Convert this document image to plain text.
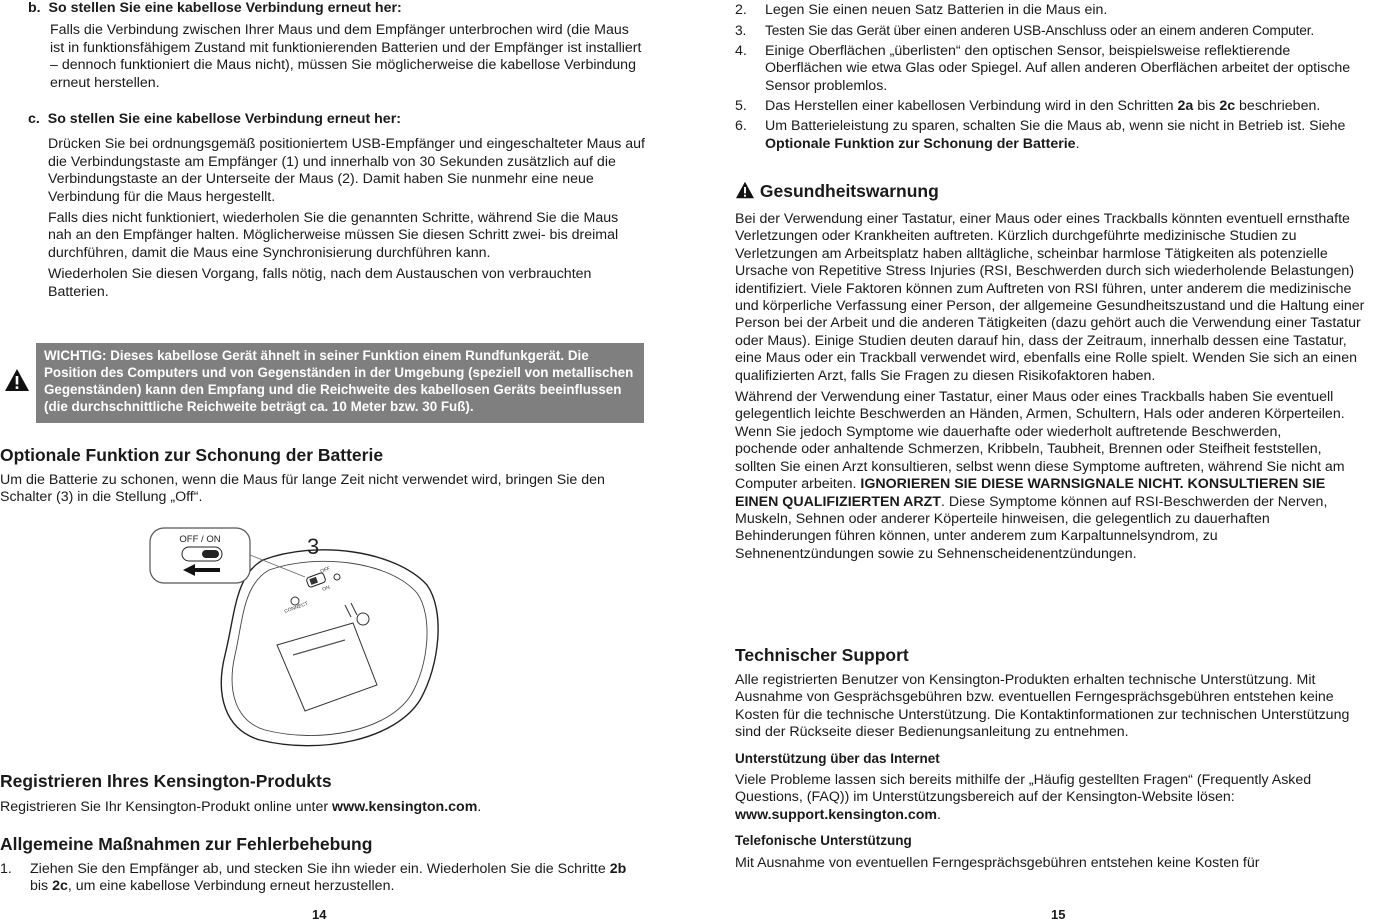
b. So stellen Sie eine kabellose Verbindung erneut her:

Falls die Verbindung zwischen Ihrer Maus und dem Empfänger unterbrochen wird (die Maus ist in funktionsfähigem Zustand mit funktionierenden Batterien und der Empfänger ist installiert – dennoch funktioniert die Maus nicht), müssen Sie möglicherweise die kabellose Verbindung erneut herstellen.

c. So stellen Sie eine kabellose Verbindung erneut her:

Drücken Sie bei ordnungsgemäß positioniertem USB-Empfänger und eingeschalteter Maus auf die Verbindungstaste am Empfänger (1) und innerhalb von 30 Sekunden zusätzlich auf die Verbindungstaste an der Unterseite der Maus (2). Damit haben Sie nunmehr eine neue Verbindung für die Maus hergestellt.

Falls dies nicht funktioniert, wiederholen Sie die genannten Schritte, während Sie die Maus nah an den Empfänger halten. Möglicherweise müssen Sie diesen Schritt zwei- bis dreimal durchführen, damit die Maus eine Synchronisierung durchführen kann.

Wiederholen Sie diesen Vorgang, falls nötig, nach dem Austauschen von verbrauchten Batterien.

WICHTIG: Dieses kabellose Gerät ähnelt in seiner Funktion einem Rundfunkgerät. Die Position des Computers und von Gegenständen in der Umgebung (speziell von metallischen Gegenständen) kann den Empfang und die Reichweite des kabellosen Geräts beeinflussen (die durchschnittliche Reichweite beträgt ca. 10 Meter bzw. 30 Fuß).

Optionale Funktion zur Schonung der Batterie

Um die Batterie zu schonen, wenn die Maus für lange Zeit nicht verwendet wird, bringen Sie den Schalter (3) in die Stellung „Off“.

OFF
ON
CONNECT
OFF / ON	3

Registrieren Ihres Kensington-Produkts

Registrieren Sie Ihr Kensington-Produkt online unter www.kensington.com.

Allgemeine Maßnahmen zur Fehlerbehebung

1. Ziehen Sie den Empfänger ab, und stecken Sie ihn wieder ein. Wiederholen Sie die Schritte 2b bis 2c, um eine kabellose Verbindung erneut herzustellen.
14
2. Legen Sie einen neuen Satz Batterien in die Maus ein.
3. Testen Sie das Gerät über einen anderen USB-Anschluss oder an einem anderen Computer.
4. Einige Oberflächen „überlisten“ den optischen Sensor, beispielsweise reflektierende Oberflächen wie etwa Glas oder Spiegel. Auf allen anderen Oberflächen arbeitet der optische Sensor problemlos.
5. Das Herstellen einer kabellosen Verbindung wird in den Schritten 2a bis 2c beschrieben.
6. Um Batterieleistung zu sparen, schalten Sie die Maus ab, wenn sie nicht in Betrieb ist. Siehe Optionale Funktion zur Schonung der Batterie.

Gesundheitswarnung

Bei der Verwendung einer Tastatur, einer Maus oder eines Trackballs könnten eventuell ernsthafte Verletzungen oder Krankheiten auftreten. Kürzlich durchgeführte medizinische Studien zu Verletzungen am Arbeitsplatz haben alltägliche, scheinbar harmlose Tätigkeiten als potenzielle Ursache von Repetitive Stress Injuries (RSI, Beschwerden durch sich wiederholende Belastungen) identifiziert. Viele Faktoren können zum Auftreten von RSI führen, unter anderem die medizinische und körperliche Verfassung einer Person, der allgemeine Gesundheitszustand und die Haltung einer Person bei der Arbeit und die anderen Tätigkeiten (dazu gehört auch die Verwendung einer Tastatur oder Maus). Einige Studien deuten darauf hin, dass der Zeitraum, innerhalb dessen eine Tastatur, eine Maus oder ein Trackball verwendet wird, ebenfalls eine Rolle spielt. Wenden Sie sich an einen qualifizierten Arzt, falls Sie Fragen zu diesen Risikofaktoren haben.

Während der Verwendung einer Tastatur, einer Maus oder eines Trackballs haben Sie eventuell gelegentlich leichte Beschwerden an Händen, Armen, Schultern, Hals oder anderen Körperteilen. Wenn Sie jedoch Symptome wie dauerhafte oder wiederholt auftretende Beschwerden, pochende oder anhaltende Schmerzen, Kribbeln, Taubheit, Brennen oder Steifheit feststellen, sollten Sie einen Arzt konsultieren, selbst wenn diese Symptome auftreten, während Sie nicht am Computer arbeiten. IGNORIEREN SIE DIESE WARNSIGNALE NICHT. KONSULTIEREN SIE EINEN QUALIFIZIERTEN ARZT. Diese Symptome können auf RSI-Beschwerden der Nerven, Muskeln, Sehnen oder anderer Köperteile hinweisen, die gelegentlich zu dauerhaften Behinderungen führen können, unter anderem zum Karpaltunnelsyndrom, zu Sehnenentzündungen sowie zu Sehnenscheidenentzündungen.

Technischer Support

Alle registrierten Benutzer von Kensington-Produkten erhalten technische Unterstützung. Mit Ausnahme von Gesprächsgebühren bzw. eventuellen Ferngesprächsgebühren entstehen keine Kosten für die technische Unterstützung. Die Kontaktinformationen zur technischen Unterstützung sind der Rückseite dieser Bedienungsanleitung zu entnehmen.

Unterstützung über das Internet

Viele Probleme lassen sich bereits mithilfe der „Häufig gestellten Fragen“ (Frequently Asked Questions, (FAQ)) im Unterstützungsbereich auf der Kensington-Website lösen: www.support.kensington.com.

Telefonische Unterstützung

Mit Ausnahme von eventuellen Ferngesprächsgebühren entstehen keine Kosten für

15
